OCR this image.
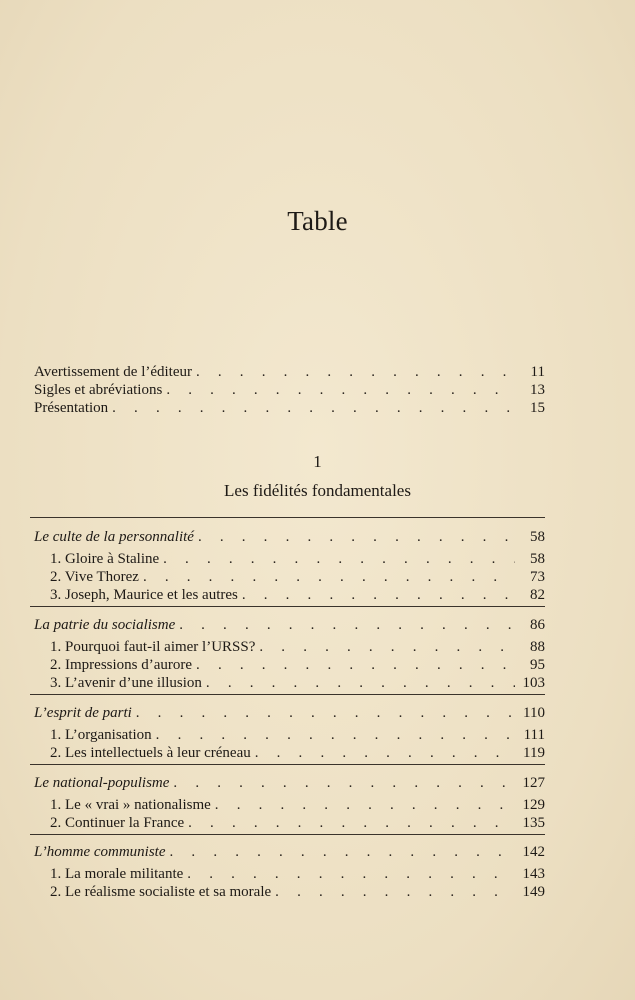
Table
Avertissement de l’éditeur . . .	11
Sigles et abréviations . . .	13
Présentation . . .	15
1
Les fidélités fondamentales
Le culte de la personnalité . . .	58
1. Gloire à Staline . . .	58
2. Vive Thorez . . .	73
3. Joseph, Maurice et les autres . . .	82
La patrie du socialisme . . .	86
1. Pourquoi faut-il aimer l’URSS? . . .	88
2. Impressions d’aurore . . .	95
3. L’avenir d’une illusion . . .	103
L’esprit de parti . . .	110
1. L’organisation . . .	111
2. Les intellectuels à leur créneau . . .	119
Le national-populisme . . .	127
1. Le « vrai » nationalisme . . .	129
2. Continuer la France . . .	135
L’homme communiste . . .	142
1. La morale militante . . .	143
2. Le réalisme socialiste et sa morale . . .	149
